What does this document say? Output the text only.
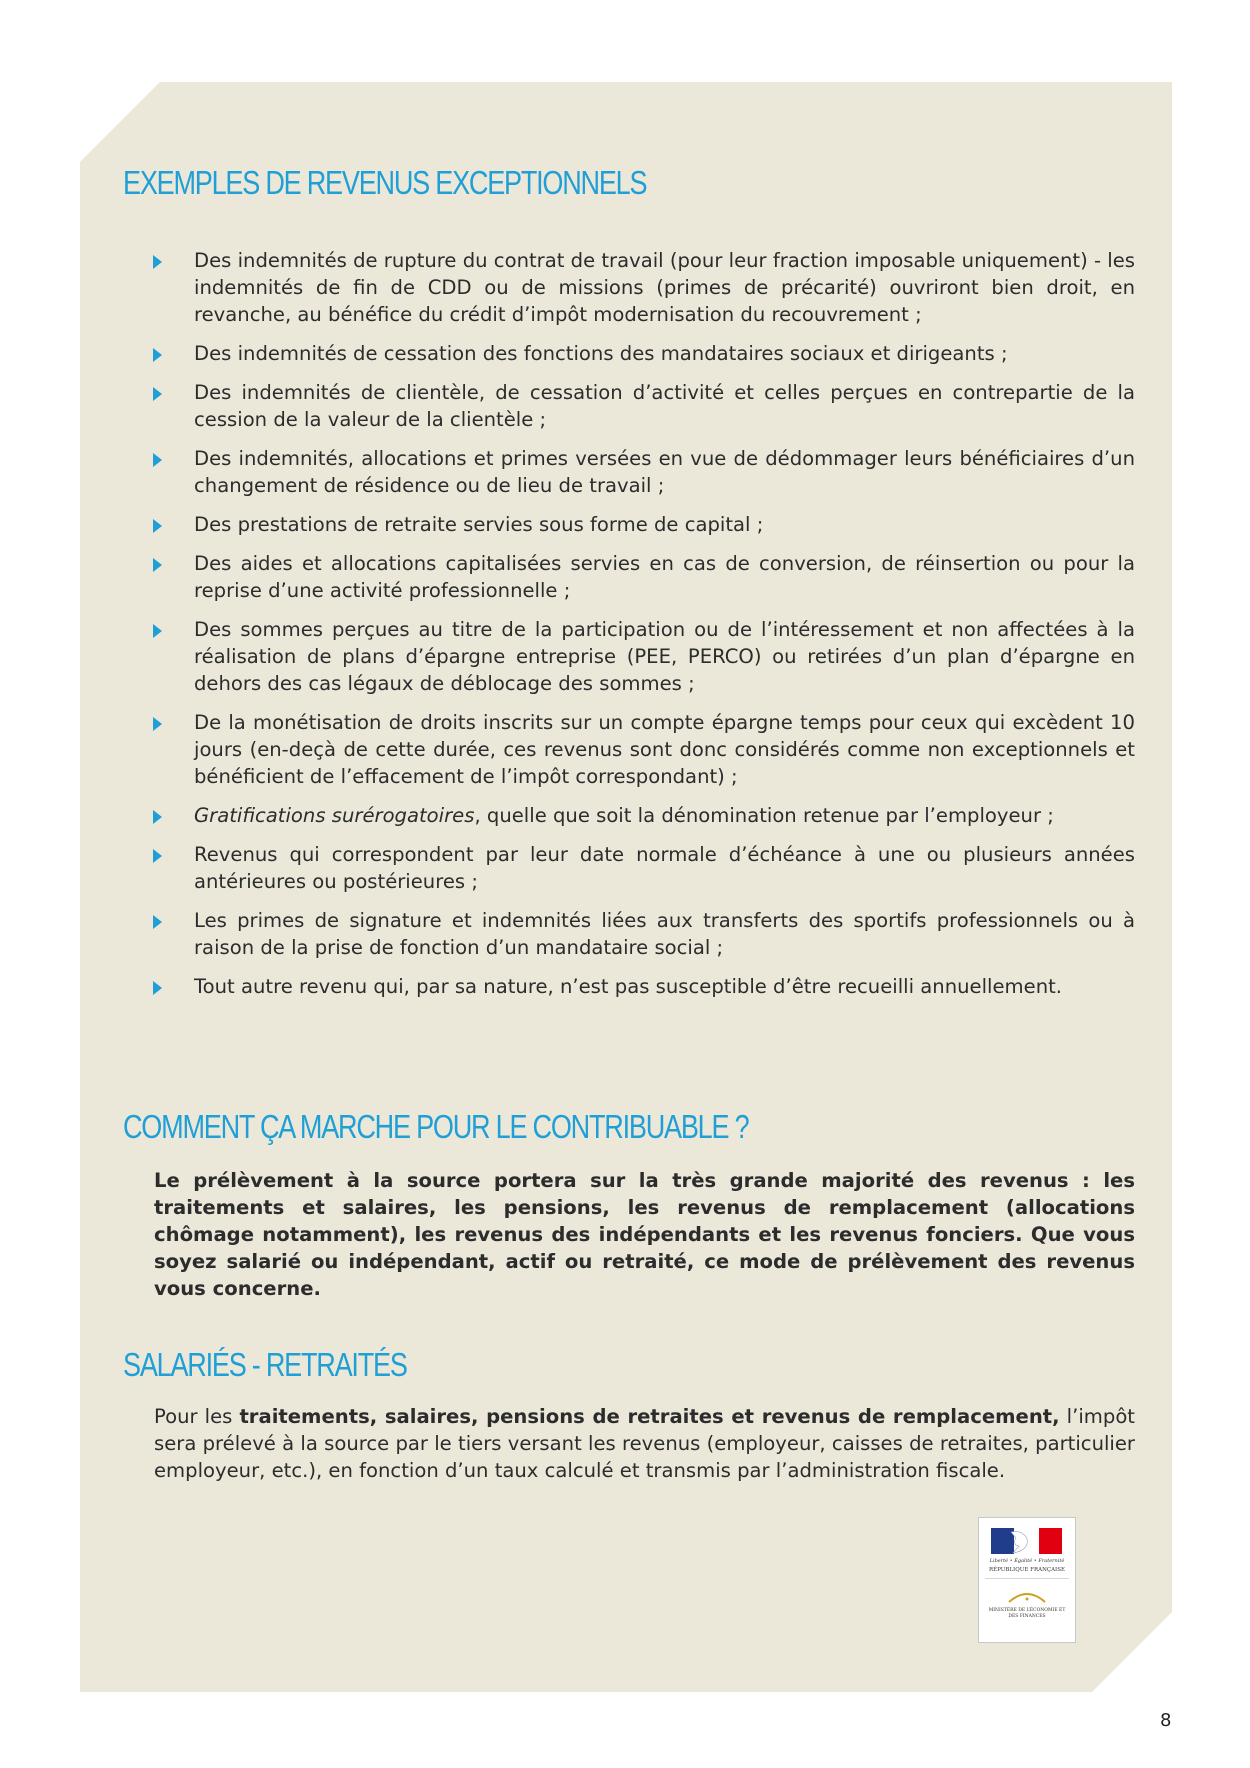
EXEMPLES DE REVENUS EXCEPTIONNELS
Des indemnités de rupture du contrat de travail (pour leur fraction imposable uniquement) - les indemnités de fin de CDD ou de missions (primes de précarité) ouvriront bien droit, en revanche, au bénéfice du crédit d’impôt modernisation du recouvrement ;
Des indemnités de cessation des fonctions des mandataires sociaux et dirigeants ;
Des indemnités de clientèle, de cessation d’activité et celles perçues en contrepartie de la cession de la valeur de la clientèle ;
Des indemnités, allocations et primes versées en vue de dédommager leurs bénéficiaires d’un changement de résidence ou de lieu de travail ;
Des prestations de retraite servies sous forme de capital ;
Des aides et allocations capitalisées servies en cas de conversion, de réinsertion ou pour la reprise d’une activité professionnelle ;
Des sommes perçues au titre de la participation ou de l’intéressement et non affectées à la réalisation de plans d’épargne entreprise (PEE, PERCO) ou retirées d’un plan d’épargne en dehors des cas légaux de déblocage des sommes ;
De la monétisation de droits inscrits sur un compte épargne temps pour ceux qui excèdent 10 jours (en-deçà de cette durée, ces revenus sont donc considérés comme non exceptionnels et bénéficient de l’effacement de l’impôt correspondant) ;
Gratifications surérogatoires, quelle que soit la dénomination retenue par l’employeur ;
Revenus qui correspondent par leur date normale d’échéance à une ou plusieurs années antérieures ou postérieures ;
Les primes de signature et indemnités liées aux transferts des sportifs professionnels ou à raison de la prise de fonction d’un mandataire social ;
Tout autre revenu qui, par sa nature, n’est pas susceptible d’être recueilli annuellement.
COMMENT ÇA MARCHE POUR LE CONTRIBUABLE ?

Le prélèvement à la source portera sur la très grande majorité des revenus : les traitements et salaires, les pensions, les revenus de remplacement (allocations chômage notamment), les revenus des indépendants et les revenus fonciers. Que vous soyez salarié ou indépendant, actif ou retraité, ce mode de prélèvement des revenus vous concerne.

SALARIÉS - RETRAITÉS

Pour les traitements, salaires, pensions de retraites et revenus de remplacement, l’impôt sera prélevé à la source par le tiers versant les revenus (employeur, caisses de retraites, particulier employeur, etc.), en fonction d’un taux calculé et transmis par l’administration fiscale.

Liberté • Égalité • Fraternité
RÉPUBLIQUE FRANÇAISE
MINISTÈRE DE L’ÉCONOMIE ET DES FINANCES
8
